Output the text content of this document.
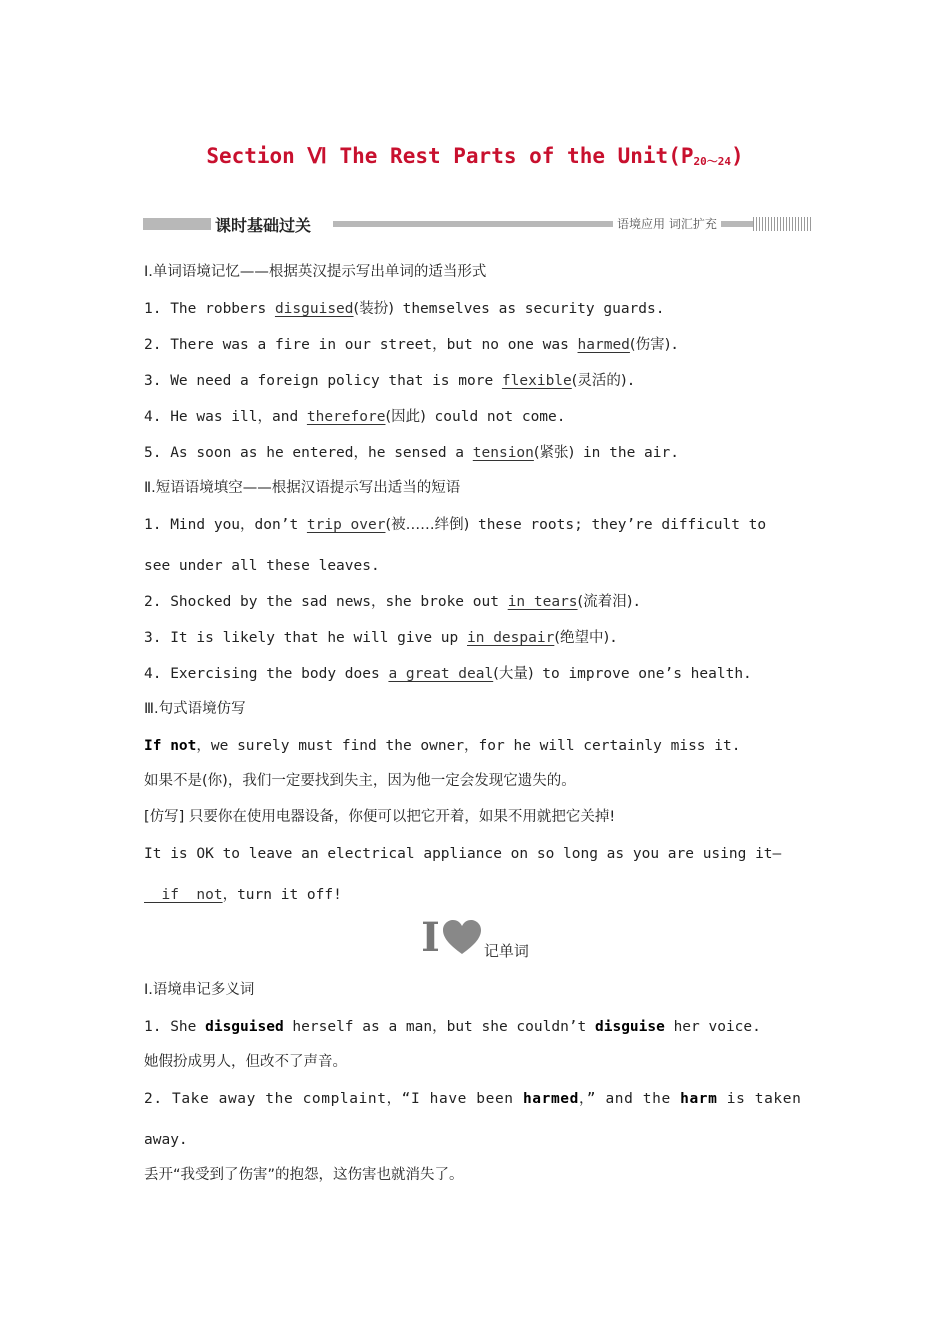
Section Ⅵ The Rest Parts of the $Unit(P_{20\sim 24})$
课时基础过关	语境应用 词汇扩充
Ⅰ.单词语境记忆——根据英汉提示写出单词的适当形式
1. The robbers disguised(装扮) themselves as security guards.
2. There was a fire in our street，but no one was harmed(伤害).
3. We need a foreign policy that is more flexible(灵活的).
4. He was ill，and therefore(因此) could not come.
5. As soon as he entered，he sensed a tension(紧张) in the air.
Ⅱ.短语语境填空——根据汉语提示写出适当的短语
1. Mind you，don’t trip over(被……绊倒) these roots; they’re difficult to
see under all these leaves.
2. Shocked by the sad news，she broke out in tears(流着泪).
3. It is likely that he will give up in despair(绝望中).
4. Exercising the body does a great deal(大量) to improve one’s health.
Ⅲ.句式语境仿写
If not，we surely must find the owner，for he will certainly miss it.
如果不是(你)，我们一定要找到失主，因为他一定会发现它遗失的。
[仿写] 只要你在使用电器设备，你便可以把它开着，如果不用就把它关掉!
It is OK to leave an electrical appliance on so long as you are using it—
if  not，turn it off!
I	记单词
Ⅰ.语境串记多义词
1. She disguised herself as a man，but she couldn’t disguise her voice.
她假扮成男人，但改不了声音。
2. Take away the complaint，“I have been harmed，” and the harm is taken
away.
丢开“我受到了伤害”的抱怨，这伤害也就消失了。
